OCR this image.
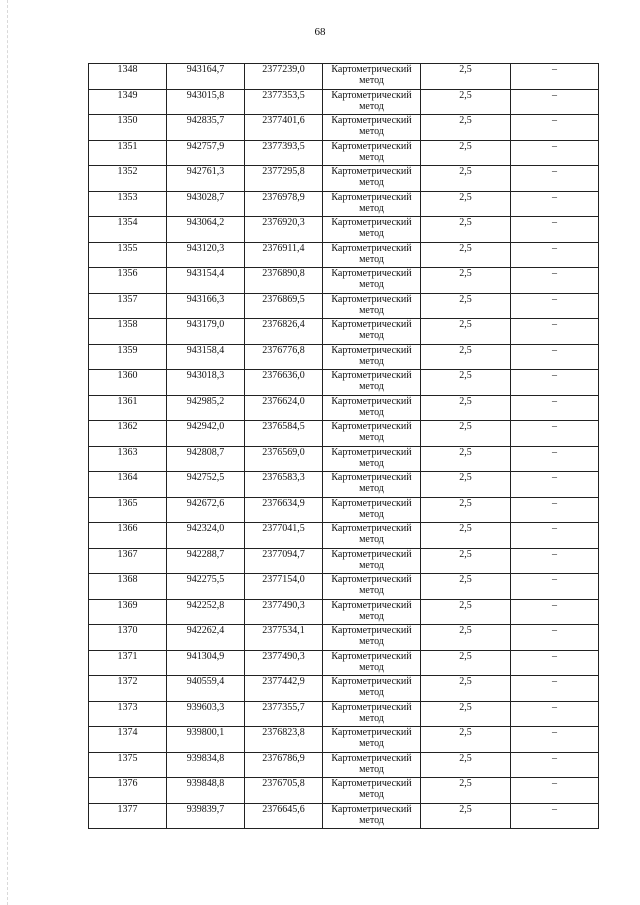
68
1348	943164,7	2377239,0	Картометрический метод	2,5	–
1349	943015,8	2377353,5	Картометрический метод	2,5	–
1350	942835,7	2377401,6	Картометрический метод	2,5	–
1351	942757,9	2377393,5	Картометрический метод	2,5	–
1352	942761,3	2377295,8	Картометрический метод	2,5	–
1353	943028,7	2376978,9	Картометрический метод	2,5	–
1354	943064,2	2376920,3	Картометрический метод	2,5	–
1355	943120,3	2376911,4	Картометрический метод	2,5	–
1356	943154,4	2376890,8	Картометрический метод	2,5	–
1357	943166,3	2376869,5	Картометрический метод	2,5	–
1358	943179,0	2376826,4	Картометрический метод	2,5	–
1359	943158,4	2376776,8	Картометрический метод	2,5	–
1360	943018,3	2376636,0	Картометрический метод	2,5	–
1361	942985,2	2376624,0	Картометрический метод	2,5	–
1362	942942,0	2376584,5	Картометрический метод	2,5	–
1363	942808,7	2376569,0	Картометрический метод	2,5	–
1364	942752,5	2376583,3	Картометрический метод	2,5	–
1365	942672,6	2376634,9	Картометрический метод	2,5	–
1366	942324,0	2377041,5	Картометрический метод	2,5	–
1367	942288,7	2377094,7	Картометрический метод	2,5	–
1368	942275,5	2377154,0	Картометрический метод	2,5	–
1369	942252,8	2377490,3	Картометрический метод	2,5	–
1370	942262,4	2377534,1	Картометрический метод	2,5	–
1371	941304,9	2377490,3	Картометрический метод	2,5	–
1372	940559,4	2377442,9	Картометрический метод	2,5	–
1373	939603,3	2377355,7	Картометрический метод	2,5	–
1374	939800,1	2376823,8	Картометрический метод	2,5	–
1375	939834,8	2376786,9	Картометрический метод	2,5	–
1376	939848,8	2376705,8	Картометрический метод	2,5	–
1377	939839,7	2376645,6	Картометрический метод	2,5	–
